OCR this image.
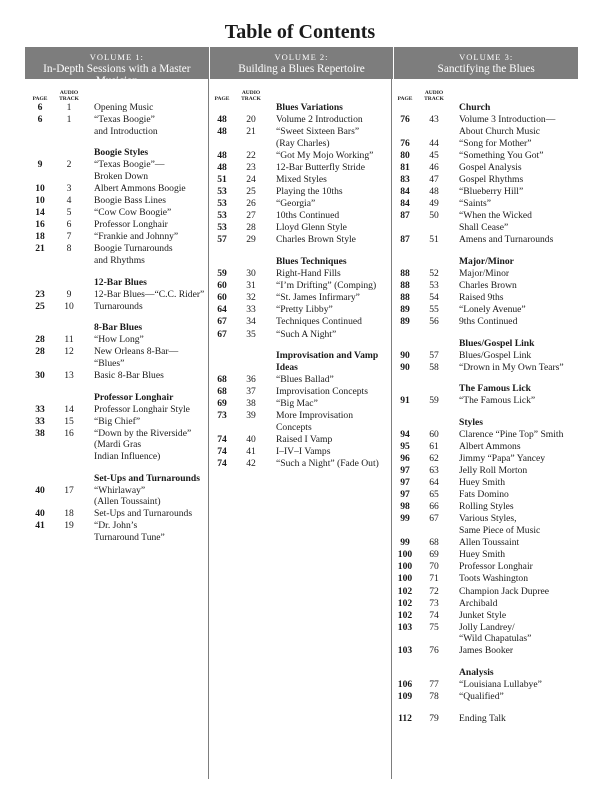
Table of Contents
VOLUME 1:
In-Depth Sessions with a Master Musician
VOLUME 2:
Building a Blues Repertoire
VOLUME 3:
Sanctifying the Blues
PAGE
AUDIO
TRACK
6	1	Opening Music
6	1	“Texas Boogie”
and Introduction
Boogie Styles
9	2	“Texas Boogie”—
Broken Down
10	3	Albert Ammons Boogie
10	4	Boogie Bass Lines
14	5	“Cow Cow Boogie”
16	6	Professor Longhair
18	7	“Frankie and Johnny”
21	8	Boogie Turnarounds
and Rhythms
12-Bar Blues
23	9	12-Bar Blues—“C.C. Rider”
25	10	Turnarounds
8-Bar Blues
28	11	“How Long”
28	12	New Orleans 8-Bar—
“Blues”
30	13	Basic 8-Bar Blues
Professor Longhair
33	14	Professor Longhair Style
33	15	“Big Chief”
38	16	“Down by the Riverside”
(Mardi Gras
Indian Influence)
Set-Ups and Turnarounds
40	17	“Whirlaway”
(Allen Toussaint)
40	18	Set-Ups and Turnarounds
41	19	“Dr. John’s
Turnaround Tune”
PAGE
AUDIO
TRACK
Blues Variations
48	20	Volume 2 Introduction
48	21	“Sweet Sixteen Bars”
(Ray Charles)
48	22	“Got My Mojo Working”
48	23	12-Bar Butterfly Stride
51	24	Mixed Styles
53	25	Playing the 10ths
53	26	“Georgia”
53	27	10ths Continued
53	28	Lloyd Glenn Style
57	29	Charles Brown Style
Blues Techniques
59	30	Right-Hand Fills
60	31	“I’m Drifting” (Comping)
60	32	“St. James Infirmary”
64	33	“Pretty Libby”
67	34	Techniques Continued
67	35	“Such A Night”
Improvisation and Vamp Ideas
68	36	“Blues Ballad”
68	37	Improvisation Concepts
69	38	“Big Mac”
73	39	More Improvisation
Concepts
74	40	Raised I Vamp
74	41	I–IV–I Vamps
74	42	“Such a Night” (Fade Out)
PAGE
AUDIO
TRACK
Church
76	43	Volume 3 Introduction—
About Church Music
76	44	“Song for Mother”
80	45	“Something You Got”
81	46	Gospel Analysis
83	47	Gospel Rhythms
84	48	“Blueberry Hill”
84	49	“Saints”
87	50	“When the Wicked
Shall Cease”
87	51	Amens and Turnarounds
Major/Minor
88	52	Major/Minor
88	53	Charles Brown
88	54	Raised 9ths
89	55	“Lonely Avenue”
89	56	9ths Continued
Blues/Gospel Link
90	57	Blues/Gospel Link
90	58	“Drown in My Own Tears”
The Famous Lick
91	59	“The Famous Lick”
Styles
94	60	Clarence “Pine Top” Smith
95	61	Albert Ammons
96	62	Jimmy “Papa” Yancey
97	63	Jelly Roll Morton
97	64	Huey Smith
97	65	Fats Domino
98	66	Rolling Styles
99	67	Various Styles,
Same Piece of Music
99	68	Allen Toussaint
100	69	Huey Smith
100	70	Professor Longhair
100	71	Toots Washington
102	72	Champion Jack Dupree
102	73	Archibald
102	74	Junket Style
103	75	Jolly Landrey/
“Wild Chapatulas”
103	76	James Booker
Analysis
106	77	“Louisiana Lullabye”
109	78	“Qualified”
112	79	Ending Talk
